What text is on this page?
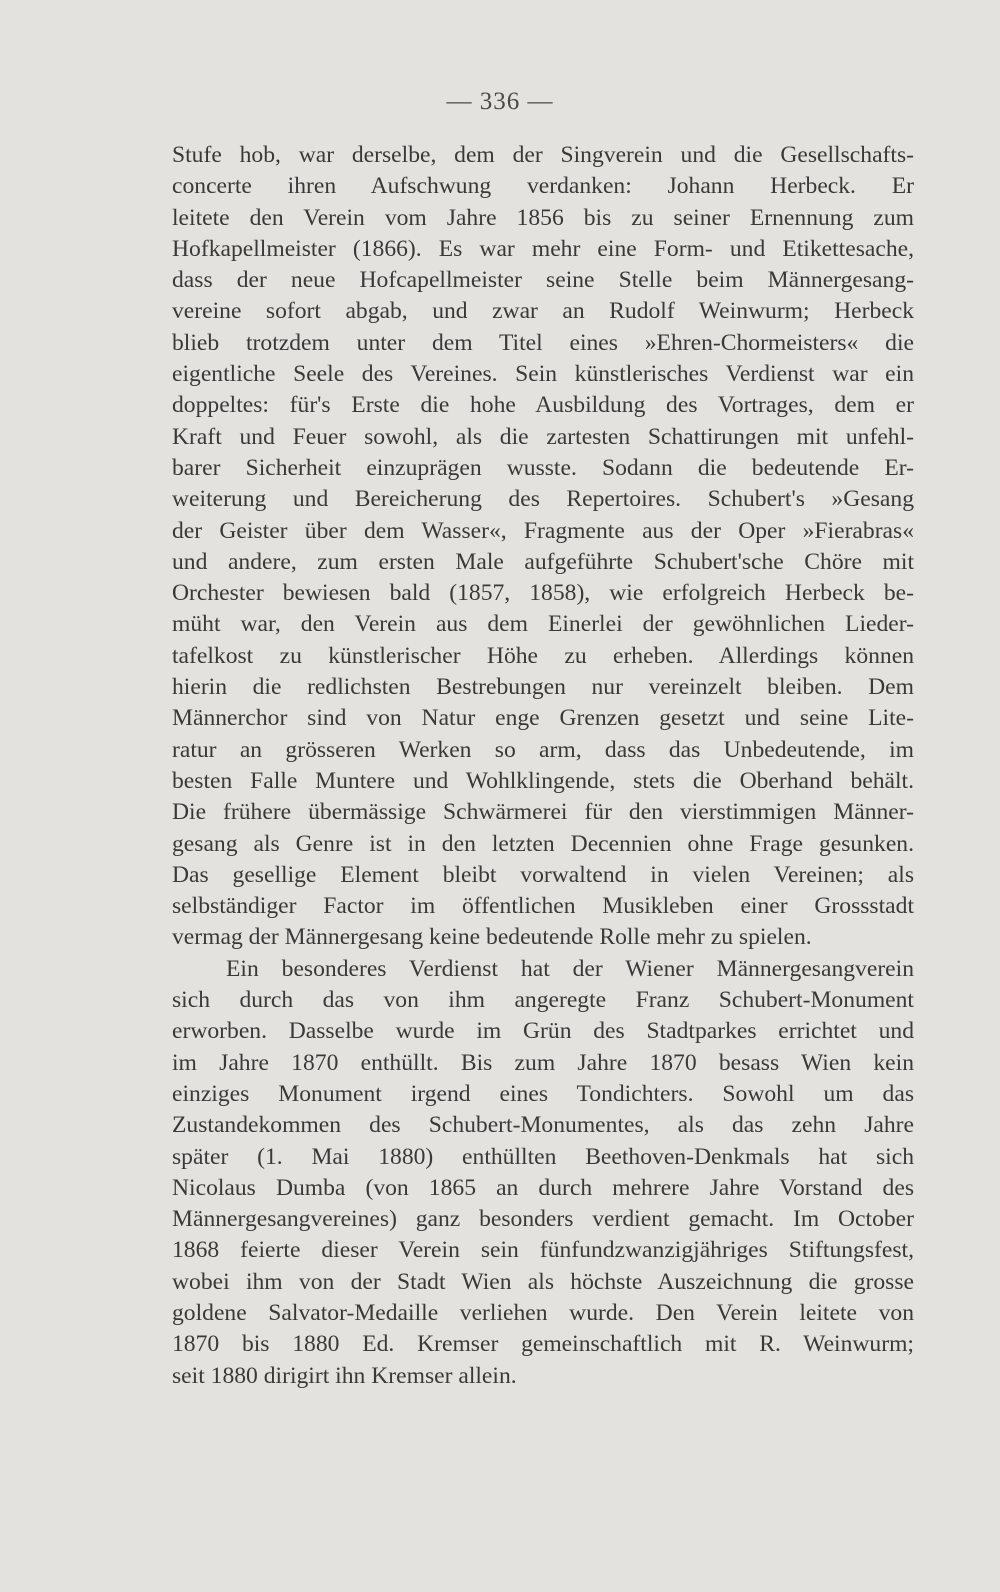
— 336 —
Stufe hob, war derselbe, dem der Singverein und die Gesellschafts-
concerte ihren Aufschwung verdanken: Johann Herbeck. Er
leitete den Verein vom Jahre 1856 bis zu seiner Ernennung zum
Hofkapellmeister (1866). Es war mehr eine Form- und Etikettesache,
dass der neue Hofcapellmeister seine Stelle beim Männergesang-
vereine sofort abgab, und zwar an Rudolf Weinwurm; Herbeck
blieb trotzdem unter dem Titel eines »Ehren-Chormeisters« die
eigentliche Seele des Vereines. Sein künstlerisches Verdienst war ein
doppeltes: für's Erste die hohe Ausbildung des Vortrages, dem er
Kraft und Feuer sowohl, als die zartesten Schattirungen mit unfehl-
barer Sicherheit einzuprägen wusste. Sodann die bedeutende Er-
weiterung und Bereicherung des Repertoires. Schubert's »Gesang
der Geister über dem Wasser«, Fragmente aus der Oper »Fierabras«
und andere, zum ersten Male aufgeführte Schubert'sche Chöre mit
Orchester bewiesen bald (1857, 1858), wie erfolgreich Herbeck be-
müht war, den Verein aus dem Einerlei der gewöhnlichen Lieder-
tafelkost zu künstlerischer Höhe zu erheben. Allerdings können
hierin die redlichsten Bestrebungen nur vereinzelt bleiben. Dem
Männerchor sind von Natur enge Grenzen gesetzt und seine Lite-
ratur an grösseren Werken so arm, dass das Unbedeutende, im
besten Falle Muntere und Wohlklingende, stets die Oberhand behält.
Die frühere übermässige Schwärmerei für den vierstimmigen Männer-
gesang als Genre ist in den letzten Decennien ohne Frage gesunken.
Das gesellige Element bleibt vorwaltend in vielen Vereinen; als
selbständiger Factor im öffentlichen Musikleben einer Grossstadt
vermag der Männergesang keine bedeutende Rolle mehr zu spielen.
Ein besonderes Verdienst hat der Wiener Männergesangverein
sich durch das von ihm angeregte Franz Schubert-Monument
erworben. Dasselbe wurde im Grün des Stadtparkes errichtet und
im Jahre 1870 enthüllt. Bis zum Jahre 1870 besass Wien kein
einziges Monument irgend eines Tondichters. Sowohl um das
Zustandekommen des Schubert-Monumentes, als das zehn Jahre
später (1. Mai 1880) enthüllten Beethoven-Denkmals hat sich
Nicolaus Dumba (von 1865 an durch mehrere Jahre Vorstand des
Männergesangvereines) ganz besonders verdient gemacht. Im October
1868 feierte dieser Verein sein fünfundzwanzigjähriges Stiftungsfest,
wobei ihm von der Stadt Wien als höchste Auszeichnung die grosse
goldene Salvator-Medaille verliehen wurde. Den Verein leitete von
1870 bis 1880 Ed. Kremser gemeinschaftlich mit R. Weinwurm;
seit 1880 dirigirt ihn Kremser allein.
